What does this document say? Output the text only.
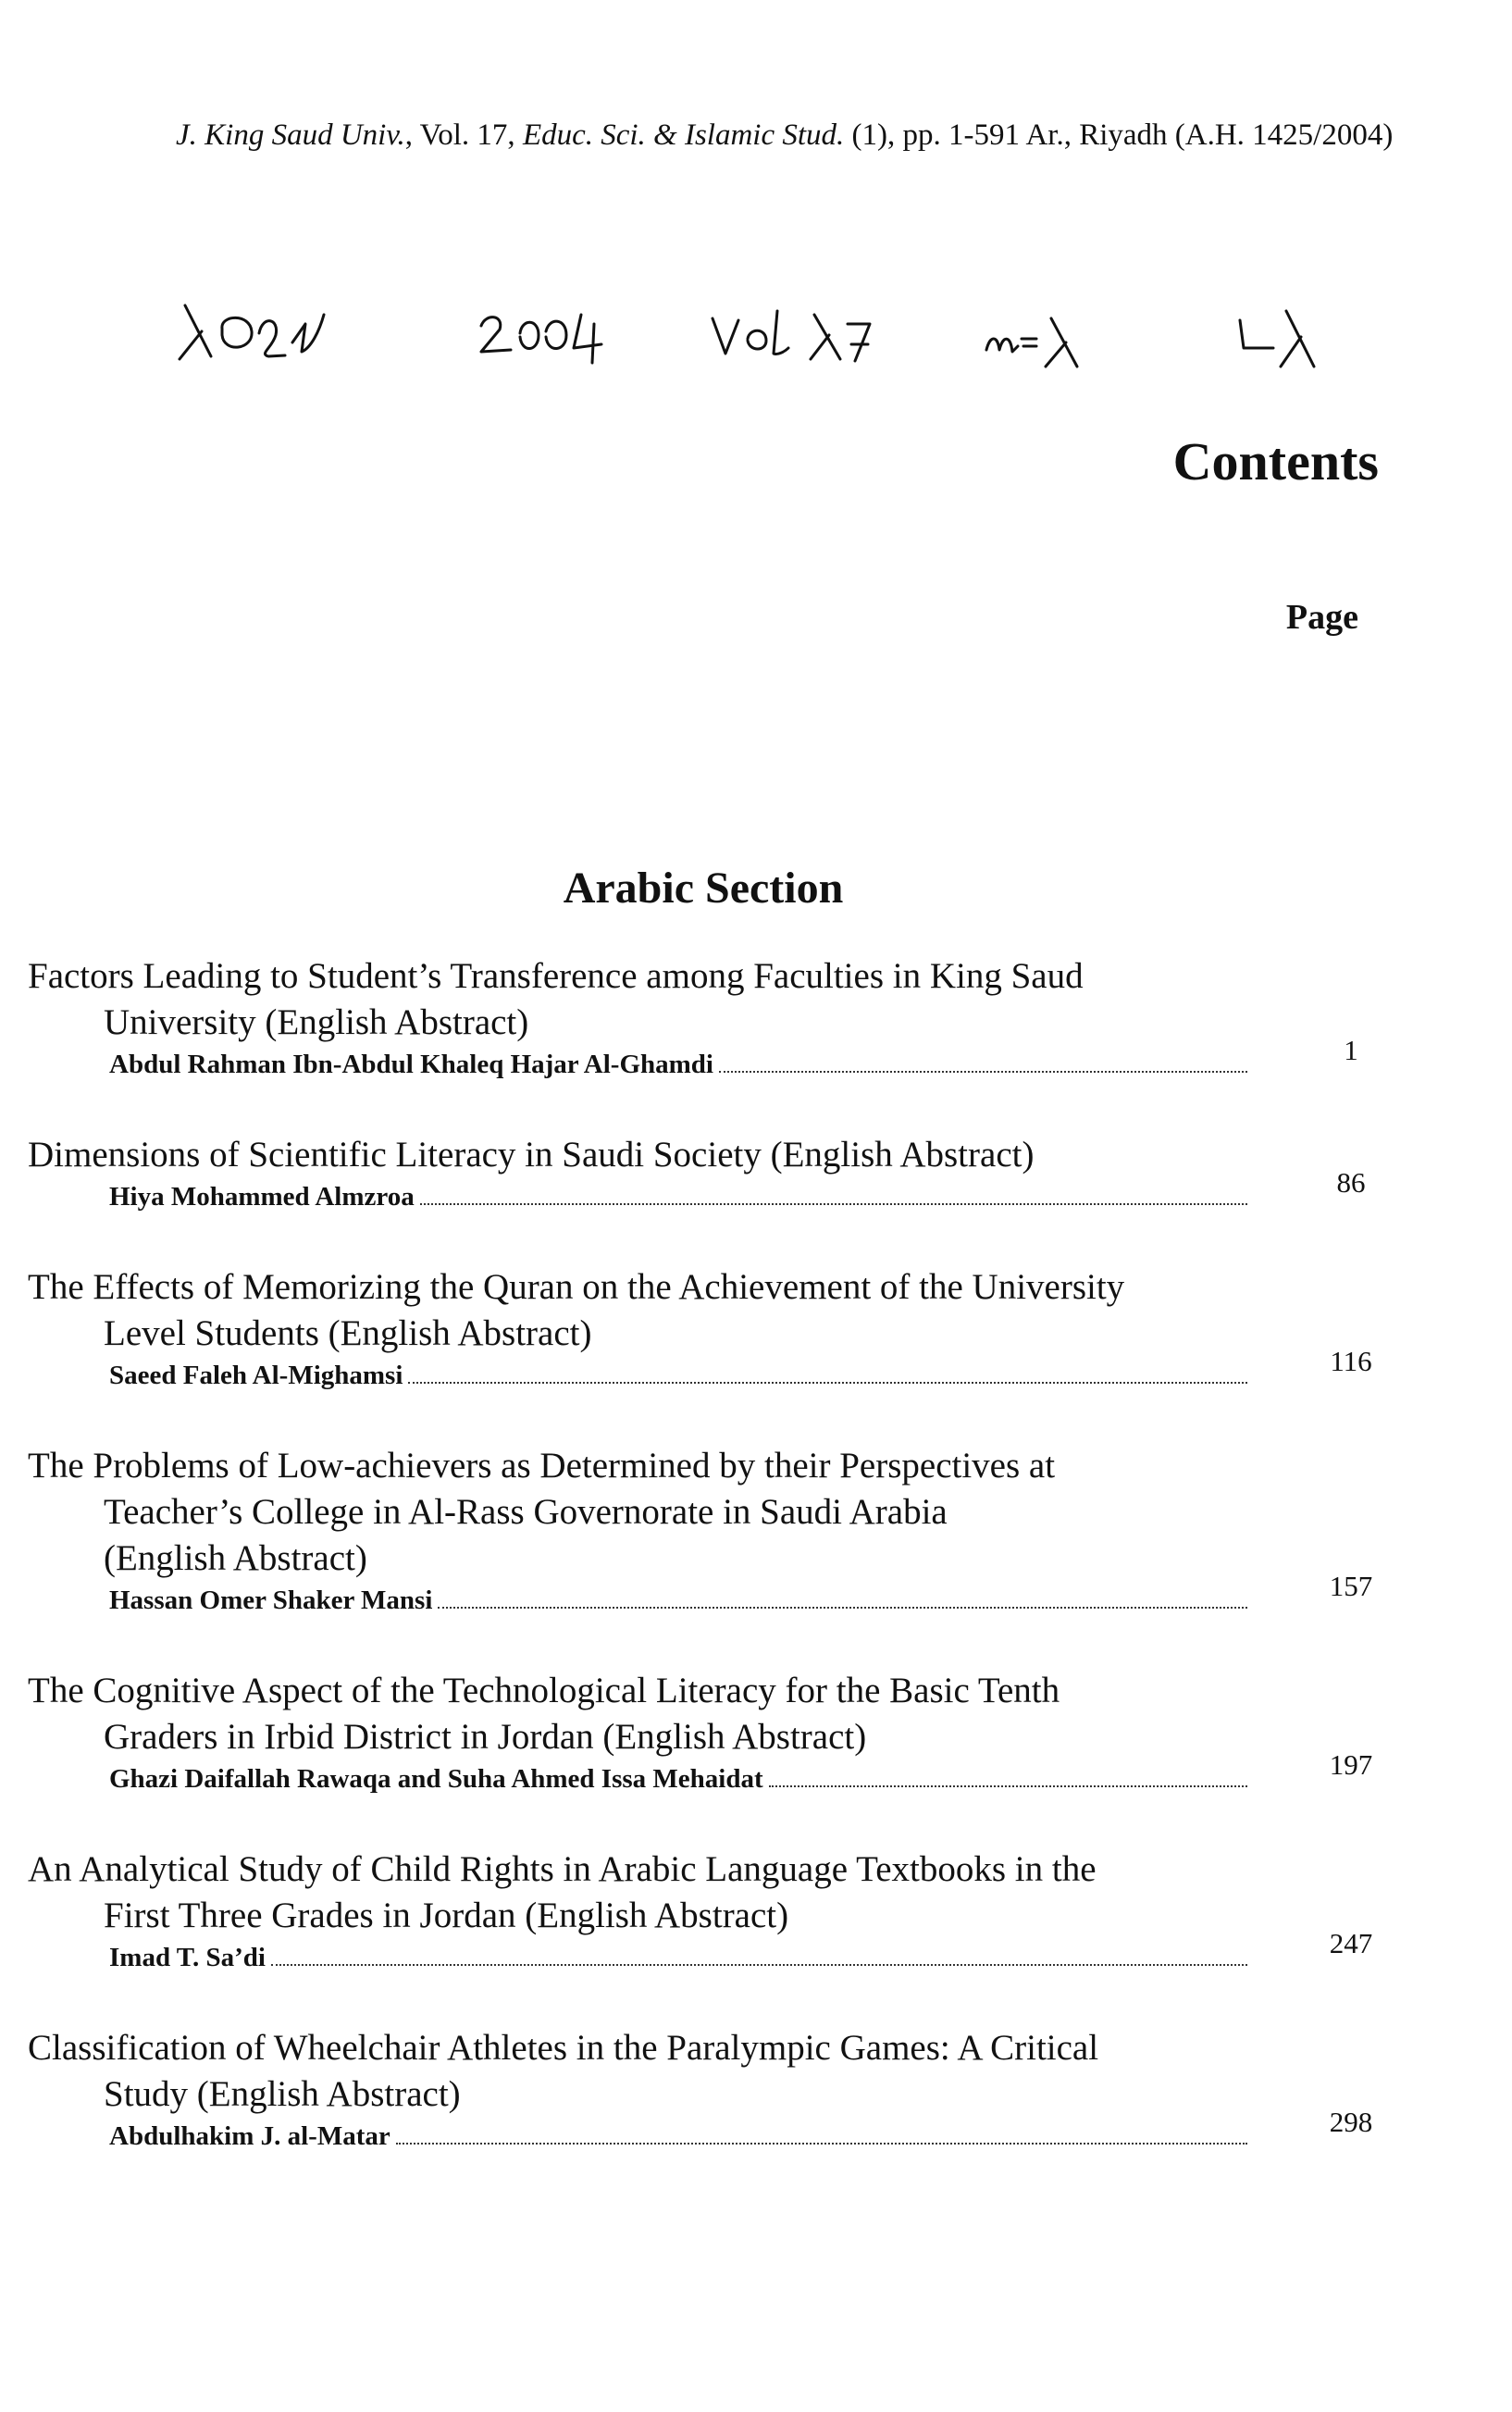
J. King Saud Univ., Vol. 17, Educ. Sci. & Islamic Stud. (1), pp. 1-591 Ar., Riyadh (A.H. 1425/2004)
Contents
Page
Arabic Section
Factors Leading to Student’s Transference among Faculties in King Saud
University (English Abstract)
Abdul Rahman Ibn-Abdul Khaleq Hajar Al-Ghamdi	1
Dimensions of Scientific Literacy in Saudi Society (English Abstract)
Hiya Mohammed Almzroa	86
The Effects of Memorizing the Quran on the Achievement of the University
Level Students (English Abstract)
Saeed Faleh Al-Mighamsi	116
The Problems of Low-achievers as Determined by their Perspectives at
Teacher’s College in Al-Rass Governorate in Saudi Arabia
(English Abstract)
Hassan Omer Shaker Mansi	157
The Cognitive Aspect of the Technological Literacy for the Basic Tenth
Graders in Irbid District in Jordan (English Abstract)
Ghazi Daifallah Rawaqa and Suha Ahmed Issa Mehaidat	197
An Analytical Study of Child Rights in Arabic Language Textbooks in the
First Three Grades in Jordan (English Abstract)
Imad T. Sa’di	247
Classification of Wheelchair Athletes in the Paralympic Games: A Critical
Study (English Abstract)
Abdulhakim J. al-Matar	298
